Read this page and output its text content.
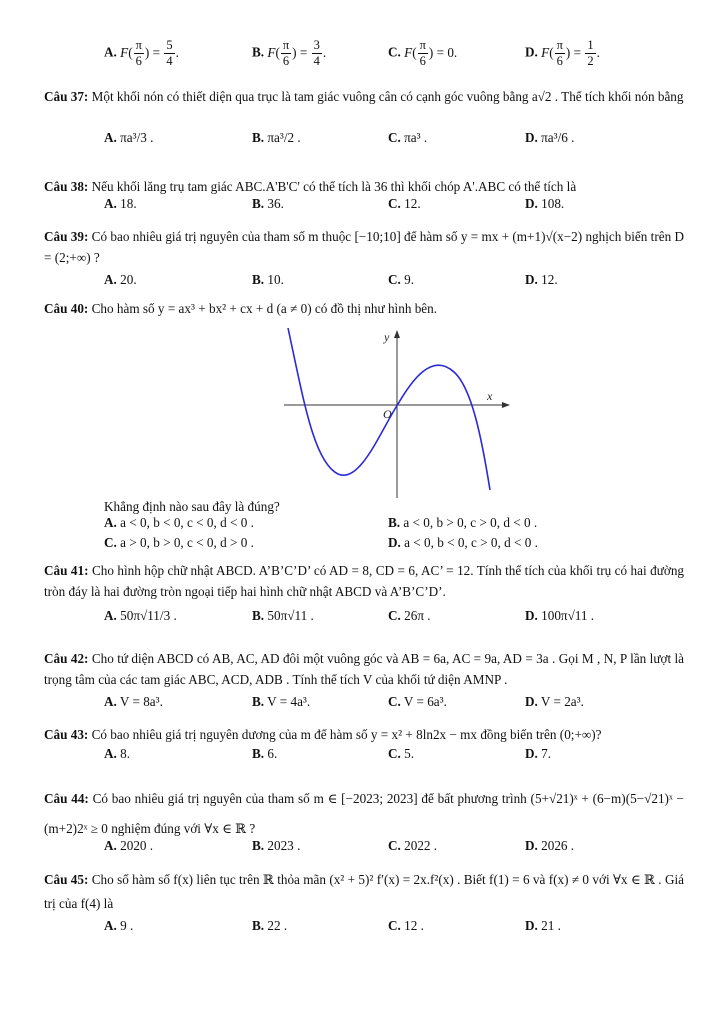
A. $F( \frac{\pi}{6}$ ) = $\frac{5}{4}$ .	B. $F( \frac{\pi}{6}$ ) = $\frac{3}{4}$ .	C. $F( \frac{\pi}{6}$ ) = 0.	D. $F( \frac{\pi}{6}$ ) = $\frac{1}{2}$ .
Câu 37: Một khối nón có thiết diện qua trục là tam giác vuông cân có cạnh góc vuông bằng a√2 . Thể tích khối nón bằng
A. πa³/3 .	B. πa³/2 .	C. πa³ .	D. πa³/6 .
Câu 38: Nếu khối lăng trụ tam giác ABC.A'B'C' có thể tích là 36 thì khối chóp A'.ABC có thể tích là
A. 18.	B. 36.	C. 12.	D. 108.
Câu 39: Có bao nhiêu giá trị nguyên của tham số m thuộc [−10;10] để hàm số y = mx + (m+1)√(x−2) nghịch biến trên D = (2;+∞) ?
A. 20.	B. 10.	C. 9.	D. 12.
Câu 40: Cho hàm số y = ax³ + bx² + cx + d (a ≠ 0) có đồ thị như hình bên.
y
x
O
Khẳng định nào sau đây là đúng?
A. a < 0, b < 0, c < 0, d < 0 .	B. a < 0, b > 0, c > 0, d < 0 .
C. a > 0, b > 0, c < 0, d > 0 .	D. a < 0, b < 0, c > 0, d < 0 .
Câu 41: Cho hình hộp chữ nhật ABCD. A’B’C’D’ có AD = 8, CD = 6, AC’ = 12. Tính thể tích của khối trụ có hai đường tròn đáy là hai đường tròn ngoại tiếp hai hình chữ nhật ABCD và A’B’C’D’.
A. 50π√11/3 .	B. 50π√11 .	C. 26π .	D. 100π√11 .
Câu 42: Cho tứ diện ABCD có AB, AC, AD đôi một vuông góc và AB = 6a, AC = 9a, AD = 3a . Gọi M , N, P lần lượt là trọng tâm của các tam giác ABC, ACD, ADB . Tính thể tích V của khối tứ diện AMNP .
A. V = 8a³.	B. V = 4a³.	C. V = 6a³.	D. V = 2a³.
Câu 43: Có bao nhiêu giá trị nguyên dương của m để hàm số y = x² + 8ln2x − mx đồng biến trên (0;+∞)?
A. 8.	B. 6.	C. 5.	D. 7.
Câu 44: Có bao nhiêu giá trị nguyên của tham số m ∈ [−2023; 2023] để bất phương trình (5+√21)ˣ + (6−m)(5−√21)ˣ − (m+2)2ˣ ≥ 0 nghiệm đúng với ∀x ∈ ℝ ?
A. 2020 .	B. 2023 .	C. 2022 .	D. 2026 .
Câu 45: Cho số hàm số f(x) liên tục trên ℝ thỏa mãn (x² + 5)² f′(x) = 2x.f²(x) . Biết f(1) = 6 và f(x) ≠ 0 với ∀x ∈ ℝ . Giá trị của f(4) là
A. 9 .	B. 22 .	C. 12 .	D. 21 .
